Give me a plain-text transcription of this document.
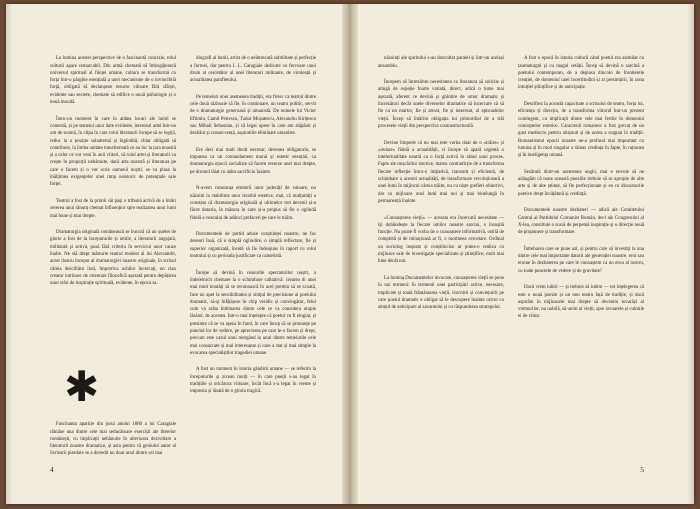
La lumina acestei perspective de o fascinantă concizie, rolul culturii apare remarcabil. Din armă chemată să îmbogățească universul spiritual al ființei umane, cultura se transformă cu forța într-o pârghie esențială a unei mecanisme de o invincibilă forță, obligată să declanșeze resurse viitoare fără sfârșit, evidente sau secrete, chemate să edifice o nouă psihologie și o nouă morală.

Întru-un moment în care în atâtea locuri ale lumii se contestă, și pe temeiul unor date evidente, interesul artei într-un om de seamă, în clipa în care rolul literaturii începe să se legiță, reduc la o poziție subalternă și înglodită, chiar obligată să contribuie, la limba unitate transformată ce au loc la țara noastră și a celor ce vor veni în anii viitori, să rolul artei și literaturii va crește în proporții nebănuite, dacă arta noastră și literatura pe care o facem și o vor scrie oamenii noștri, se va plasa la înălțimea exigențelor unei timp neistoric de potențiale sale forței.

Teatrul a fost de la primii săi pași o tribună activă de a întări cererea unui rănunț chemat înfluențior spre realizarea unor lumi mai bune și mai drepte.

Dramaturgia originală românească se bucură că un quelet de glorie a fost de la începuturile și umile, a literaturii angajată, militantă și activă, pusă fără criteriu în serviciul unor cauze înalte. Ne stă drept mărturie teatrul modest al lui Alecsandri, acest ilustru început al dramaturgiei noastre originale, în scrisul căreia descifrăm însă, împotriva ochilor încercați, un clan creator intrinsec de orientare filozofică așezată pentru depășirea unor stări de inspirație spirituală, evidente, în epoca sa.

✱

Fascinanta apariție din jurul anului 1880 a lui Caragiale rămâne una dintre cele mai seducătoare exerciții ale literelor românești, cu implicații nebănuite în ulterioara dezvoltare a literaturii noastre dramatice, și asta pentru că geniului autor al Scrisorii pierdute se a dovedit nu doar unul dintre cei mai

diografi ai lumii, artist de o neîntrecută subtilitate și perfecție a formei, dar pentru I. L. Caragiale dedicate cu fervoare unui drum al cercetător al unei literaturi militante, de virulență și actualitatea pamfletului.

Pe temeiuri unei asemenea tradiții, era firesc ca teatrul dintre cele două războaie să fie, în continuare, un teatru politic, servit de o dramaturgie generoasă și umanistă. De numele lui Victor Eftimiu, Camil Petrescu, Tudor Mușatescu, Alexandru Kirițescu sau Mihail Sebastian, și că legat opere în care am stăpânit și dezbăut și consecvență, aspiratiile eliminate umaniste.

Ere deci mai mult decât necesar, devenea obligatoriu, se impunea ca un comandament moral și estetic esențial, ca dramaturgia epocii socialiste să facem reverse unei mai drepte, pe drumul tăiat cu atâta sacrificiu înainte.

N-avem cutezanța emiterii unor judecăți de valoare, nu năzuim la stabilirea unor ierarhii estetice, mai, că mulțumiți a constata că dramaturgia originală și ultimelor trei decenii și-a făcut datoria, în măsura în care și-a propus să fie o oglindă fidelă a veacului de adânci prefaceri pe care le trăim.

Documentele de partid aduse conștiinței noastre, ne fac deseori însă, că o simplă oglindire, o simplă reflectare, fie și superior organizată, încetă să fie îndeajuns în raport cu rolul teatrului și cu perioada justificare ca cameristă.

Începe să devină în ceasurile spectatorilor noștri, a îndeletnicit chemare la o schimbare calitativă: crearea di unei mai mult noutăți să se recunoască în acel premiu să se scoată, face un apel la sensibilitatea și simțul de precisiune al poetului dramatic, să-și înfățișeze în chip veridic și convingător, felul cum va arăta îmbinarea dintre cele ce va considera utopie lăsând, de acestea. Intr-o mai înțelepte că poetul va fi elogiat, și presimte că se va așeza în fund, în care încep să se pronunțe pe punctul lor de vedere, pe aprecierea pe care le-o facem și drept, precum este cazul unui mergând la unul dintre temeiurile cele mai consacrate și mai interesante și care a stat și mai simple la evocarea specialiștilor tragediei umane.

A fost un moment în istoria gândirii umane — se referim la începuturile și ziceau mulți — în care poeții s-au legat în tradițiile și oricărora viitoare, încât încă s-a legat în vreme și impresia și lăsată de o gloria tragică.

4

năzuinți ale spiritului s-au dezvoltat paralel și într-un același ansamblu.

Începem să întrezărim necesitatea ca literatura să solicite și atingă de ospeție foarte variată, direct, adică o lume mai așezată, aferent ce devină și ghintire de umor dramatic și încrezători decât unele diverselor dramatice să incercare că să fie ca un martor, fie și atrost, fie și interesat, al episoadelor vieții. Încep să întărim obligația lui primordial de a trăi procesele vieții din perspectiva contrastructurală.

Devine limpede că nu mai este vorba doar de o «trăire» și «redare» fidelă a actualității, ci începe să apară urgentă o intelectualitate neutră ca o forță activă în sânul unui proces. Fapte ale mișcărilor istorice, marea contradicție de a transforma fiecare reflecție întru-o inițiativă, transmit și eficientă, de schimbare a acestei actualități, de transformare revoluționară a unei lumi în mijlocul căreia trăim, nu cu niște grefieri obiectivi, dar cu mijloace unei lumi mai noi și mai binelungă în permanență înainte.

«Cunoașterea vieții» — aceasta era încercată necesitate — își dobândește la fiecare umilor noastre sarcini, o însușită funcție. Nu poate fi vorba de o cunoaștere informativă, ostilă de completă și de minuțioasă ar fi, o mormeea cercetare. Ordinal un sociolog inspirat și conștiincios ar putea-o realiza cu mijloace sale de investigație specializate și științifice, mult mai bine decât noi.

La lumina Documentelor invocate, cunoașterea vieții se pune în noi termeni: în termenii unei participări active, necesare, implicate și toată frământarea vieții, ciocnirii și conviețuirii pe care poetul dramatic e obligat să le descopere înainte oricui cu simțul de anticipare al savantului și cu răspunderea strategului.

A fost o epocă în istoria culturii când poetul era asimilat cu taumaturgul și cu magul cetății. Încep să devină o sarcină a poetului contemporan, de a deplasa dincolo de frontierele creației, de domeniul unei incertitudini și al presimțirii, în zona intuiției științifice și de anticipație.

Descifrez la această capacitate a scrisului de teatru, forța lui, eficiența și direcția, de a transforma viitorul într-un prezent contingent, cu implicații dintre cele mai fertile în domeniul conceptelor estetice. Caracterul romanesc a fost grevat de un gust mediocru pentru obișnuit și de aceea a stagnat în tradiții. Romantismul epocii noastre ne-a profund mai important cu lumina și în mod singular a rămas credința în fapte, în rațiunea și în inteligența umană.

Sezătută dintr-un asemenea unghi, mai e nevoie să ne adăugăm că toate această poeziile trebuie să se apropie de alte arte și de alte științe, să fie perfecționate și ea cu discursurile poetice drept învățătură și credință.

Documentele noastre dezbateri — adică ale Comitetului Central al Partidului Comunist Român, deci ale Congresului al X-lea, constituie o sursă de perpetuă inspirație și o direcție nouă de propunere și transformare.

Întrebarea care se pune azi, și pentru care să investiți la una dintre cele mai importante datorii ale generației noastre, eroi sau eroine în dezbaterea pe care le cunoaștem ca un erou al nostru, cu toate punctele de vedere și de gravitate?

Dacă vrem iubiri — și trebuie să iubim — tot înțelegerea că este o nouă poezie și un nou teatru față de tradiție, și dacă aspirăm în mijloacele mai drepte să devenim tovarăși al vremurilor, nu nobilă, să unim al vieții, spre izvoarele și culmile ei de viitor.

5
